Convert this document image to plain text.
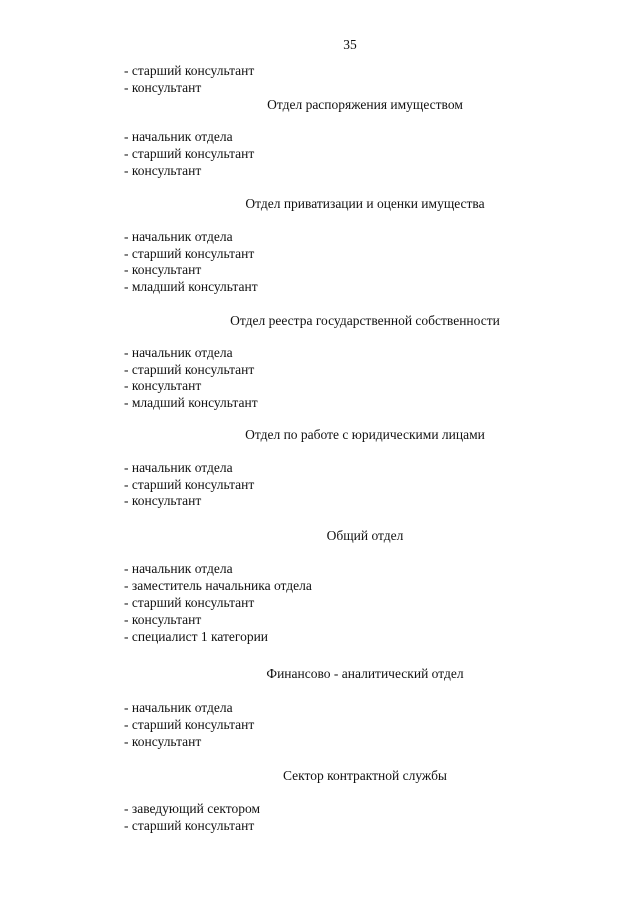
35
- старший консультант
- консультант
Отдел распоряжения имуществом
- начальник отдела
- старший консультант
- консультант
Отдел приватизации и оценки имущества
- начальник отдела
- старший консультант
- консультант
- младший консультант
Отдел реестра государственной собственности
- начальник отдела
- старший консультант
- консультант
- младший консультант
Отдел по работе с юридическими лицами
- начальник отдела
- старший консультант
- консультант
Общий отдел
- начальник отдела
- заместитель начальника отдела
- старший консультант
- консультант
- специалист 1 категории
Финансово - аналитический отдел
- начальник отдела
- старший консультант
- консультант
Сектор контрактной службы
- заведующий сектором
- старший консультант
